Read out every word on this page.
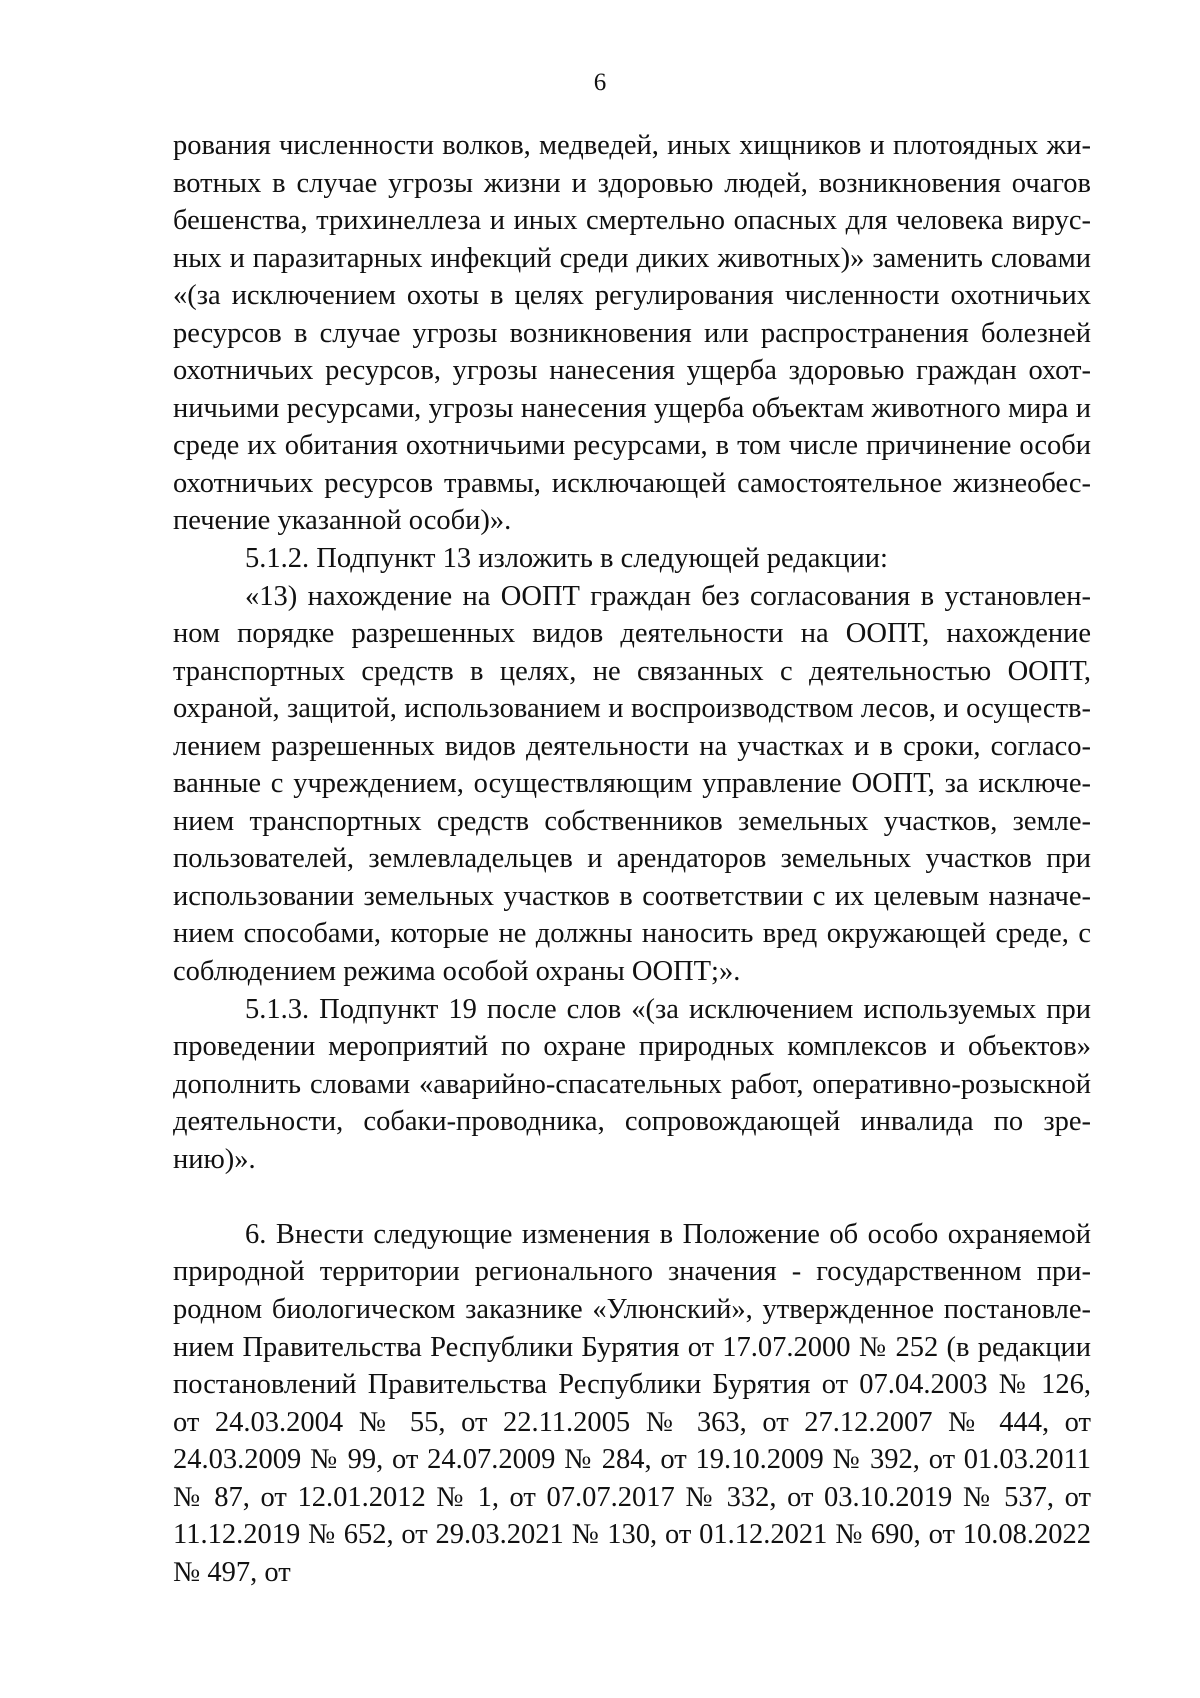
6

рования численности волков, медведей, иных хищников и плотоядных животных в случае угрозы жизни и здоровью людей, возникновения очагов бешенства, трихинеллеза и иных смертельно опасных для человека вирусных и паразитарных инфекций среди диких животных)» заменить словами «(за исключением охоты в целях регулирования численности охотничьих ресурсов в случае угрозы возникновения или распространения болезней охотничьих ресурсов, угрозы нанесения ущерба здоровью граждан охотничьими ресурсами, угрозы нанесения ущерба объектам животного мира и среде их обитания охотничьими ресурсами, в том числе причинение особи охотничьих ресурсов травмы, исключающей самостоятельное жизнеобеспечение указанной особи)».

5.1.2. Подпункт 13 изложить в следующей редакции:

«13) нахождение на ООПТ граждан без согласования в установленном порядке разрешенных видов деятельности на ООПТ, нахождение транспортных средств в целях, не связанных с деятельностью ООПТ, охраной, защитой, использованием и воспроизводством лесов, и осуществлением разрешенных видов деятельности на участках и в сроки, согласованные с учреждением, осуществляющим управление ООПТ, за исключением транспортных средств собственников земельных участков, землепользователей, землевладельцев и арендаторов земельных участков при использовании земельных участков в соответствии с их целевым назначением способами, которые не должны наносить вред окружающей среде, с соблюдением режима особой охраны ООПТ;».

5.1.3. Подпункт 19 после слов «(за исключением используемых при проведении мероприятий по охране природных комплексов и объектов» дополнить словами «аварийно-спасательных работ, оперативно-розыскной деятельности, собаки-проводника, сопровождающей инвалида по зрению)».

6. Внести следующие изменения в Положение об особо охраняемой природной территории регионального значения - государственном природном биологическом заказнике «Улюнский», утвержденное постановлением Правительства Республики Бурятия от 17.07.2000 № 252 (в редакции постановлений Правительства Республики Бурятия от 07.04.2003 № 126, от 24.03.2004 № 55, от 22.11.2005 № 363, от 27.12.2007 № 444, от 24.03.2009 № 99, от 24.07.2009 № 284, от 19.10.2009 № 392, от 01.03.2011 № 87, от 12.01.2012 № 1, от 07.07.2017 № 332, от 03.10.2019 № 537, от 11.12.2019 № 652, от 29.03.2021 № 130, от 01.12.2021 № 690, от 10.08.2022 № 497, от
